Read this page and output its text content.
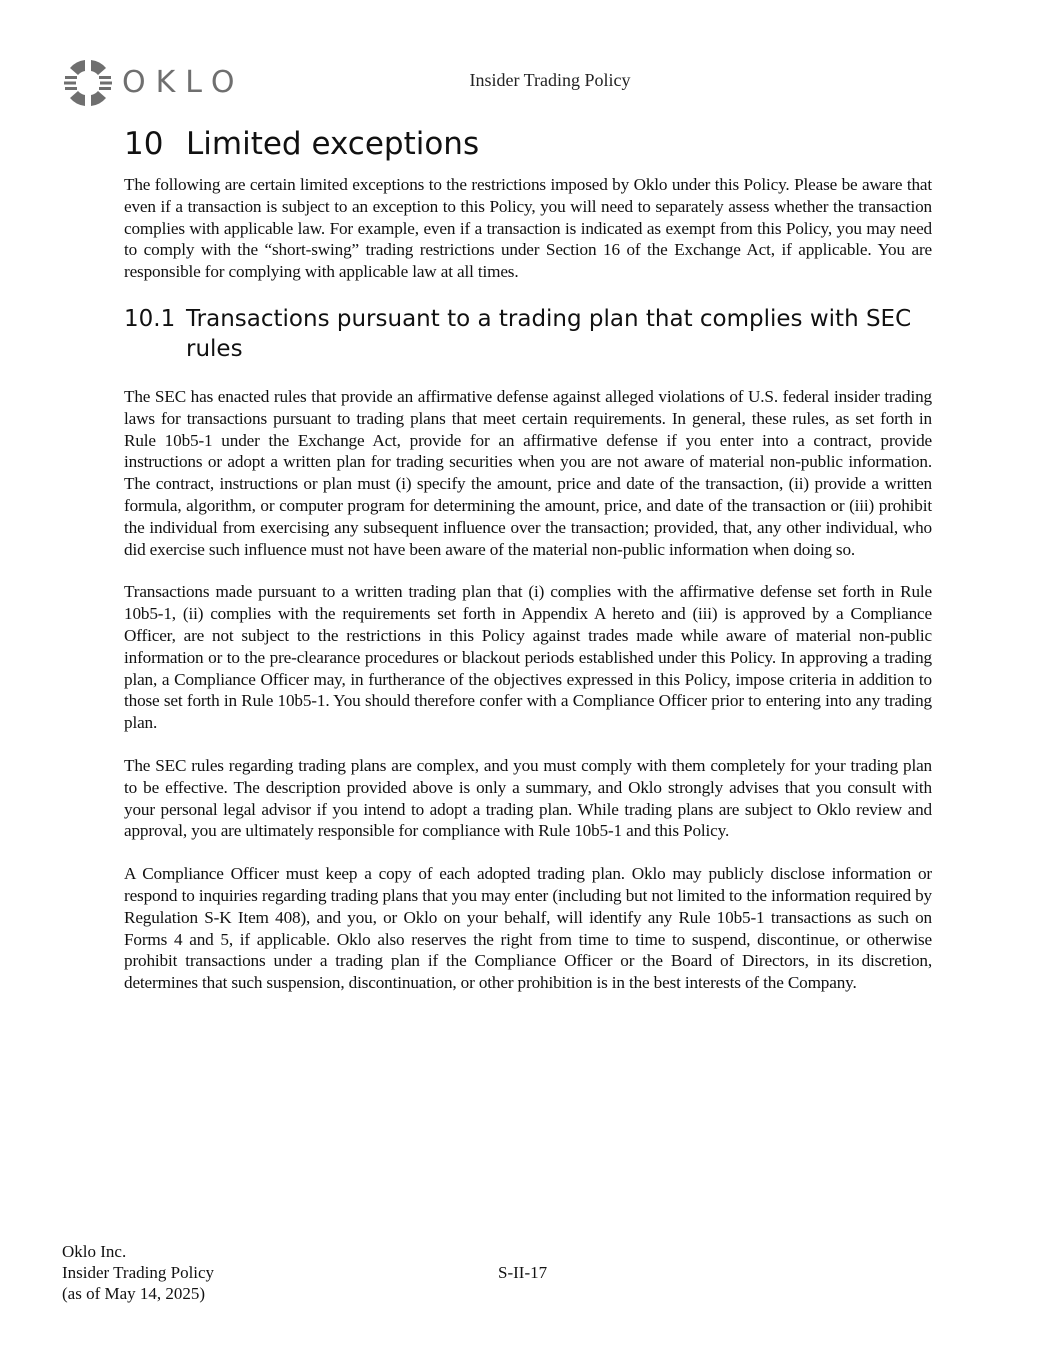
OKLO	Insider Trading Policy
10 Limited exceptions

The following are certain limited exceptions to the restrictions imposed by Oklo under this Policy. Please be aware that even if a transaction is subject to an exception to this Policy, you will need to separately assess whether the transaction complies with applicable law. For example, even if a transaction is indicated as exempt from this Policy, you may need to comply with the “short-swing” trading restrictions under Section 16 of the Exchange Act, if applicable. You are responsible for complying with applicable law at all times.

10.1 Transactions pursuant to a trading plan that complies with SEC rules

The SEC has enacted rules that provide an affirmative defense against alleged violations of U.S. federal insider trading laws for transactions pursuant to trading plans that meet certain requirements. In general, these rules, as set forth in Rule 10b5-1 under the Exchange Act, provide for an affirmative defense if you enter into a contract, provide instructions or adopt a written plan for trading securities when you are not aware of material non-public information. The contract, instructions or plan must (i) specify the amount, price and date of the transaction, (ii) provide a written formula, algorithm, or computer program for determining the amount, price, and date of the transaction or (iii) prohibit the individual from exercising any subsequent influence over the transaction; provided, that, any other individual, who did exercise such influence must not have been aware of the material non-public information when doing so.

Transactions made pursuant to a written trading plan that (i) complies with the affirmative defense set forth in Rule 10b5-1, (ii) complies with the requirements set forth in Appendix A hereto and (iii) is approved by a Compliance Officer, are not subject to the restrictions in this Policy against trades made while aware of material non-public information or to the pre-clearance procedures or blackout periods established under this Policy. In approving a trading plan, a Compliance Officer may, in furtherance of the objectives expressed in this Policy, impose criteria in addition to those set forth in Rule 10b5-1. You should therefore confer with a Compliance Officer prior to entering into any trading plan.

The SEC rules regarding trading plans are complex, and you must comply with them completely for your trading plan to be effective. The description provided above is only a summary, and Oklo strongly advises that you consult with your personal legal advisor if you intend to adopt a trading plan. While trading plans are subject to Oklo review and approval, you are ultimately responsible for compliance with Rule 10b5-1 and this Policy.

A Compliance Officer must keep a copy of each adopted trading plan. Oklo may publicly disclose information or respond to inquiries regarding trading plans that you may enter (including but not limited to the information required by Regulation S-K Item 408), and you, or Oklo on your behalf, will identify any Rule 10b5-1 transactions as such on Forms 4 and 5, if applicable. Oklo also reserves the right from time to time to suspend, discontinue, or otherwise prohibit transactions under a trading plan if the Compliance Officer or the Board of Directors, in its discretion, determines that such suspension, discontinuation, or other prohibition is in the best interests of the Company.

Oklo Inc.
Insider Trading Policy
(as of May 14, 2025)
S-II-17
